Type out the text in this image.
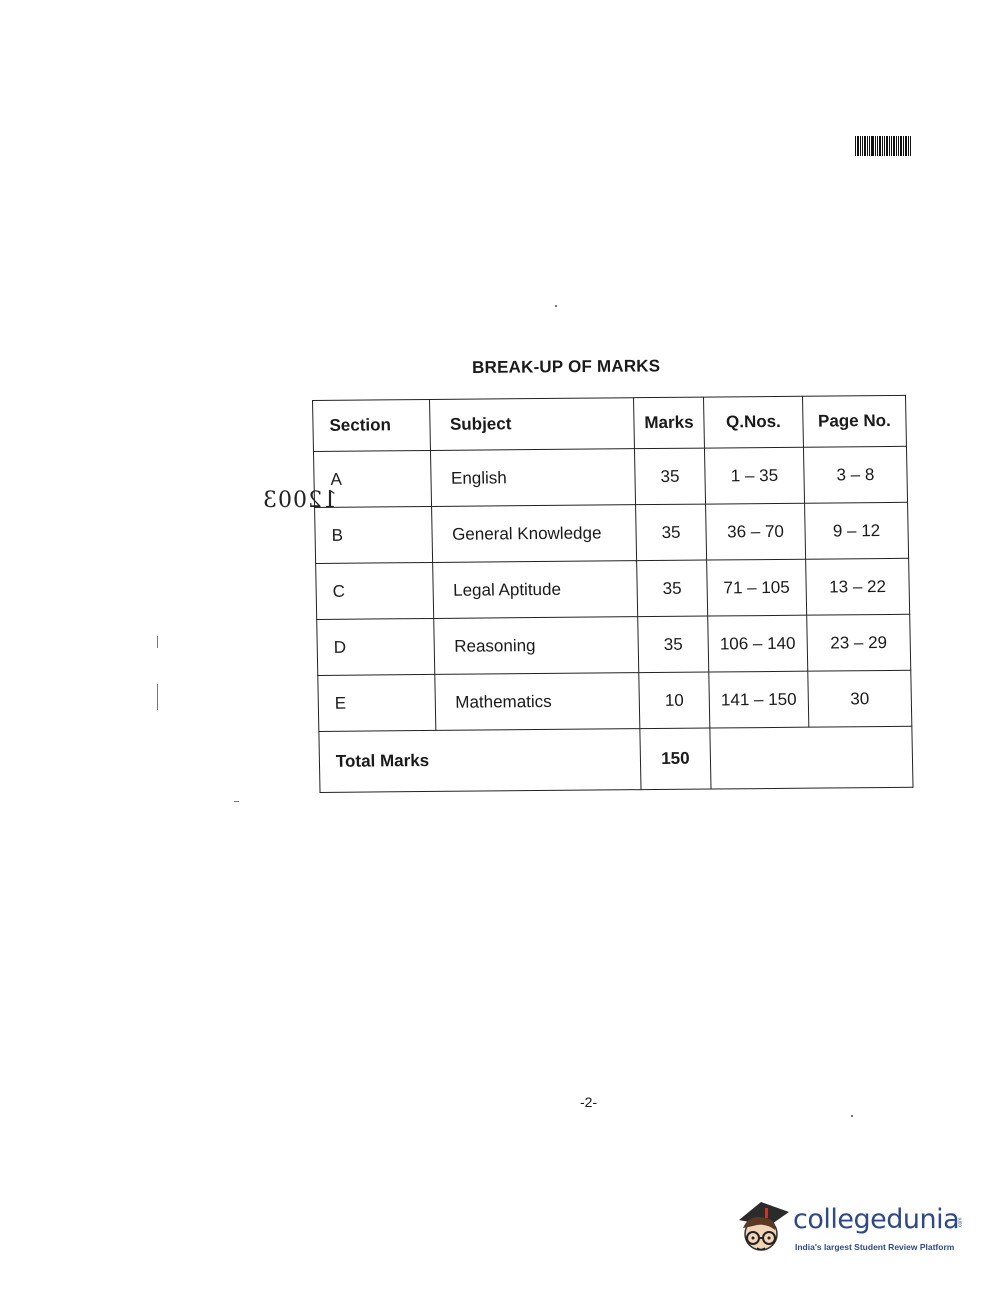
BREAK-UP OF MARKS
12003
Section	Subject	Marks	Q.Nos.	Page No.
A	English	35	1 – 35	3 – 8
B	General Knowledge	35	36 – 70	9 – 12
C	Legal Aptitude	35	71 – 105	13 – 22
D	Reasoning	35	106 – 140	23 – 29
E	Mathematics	10	141 – 150	30
Total Marks		150		
-2-
collegedunia
.com
India's largest Student Review Platform
